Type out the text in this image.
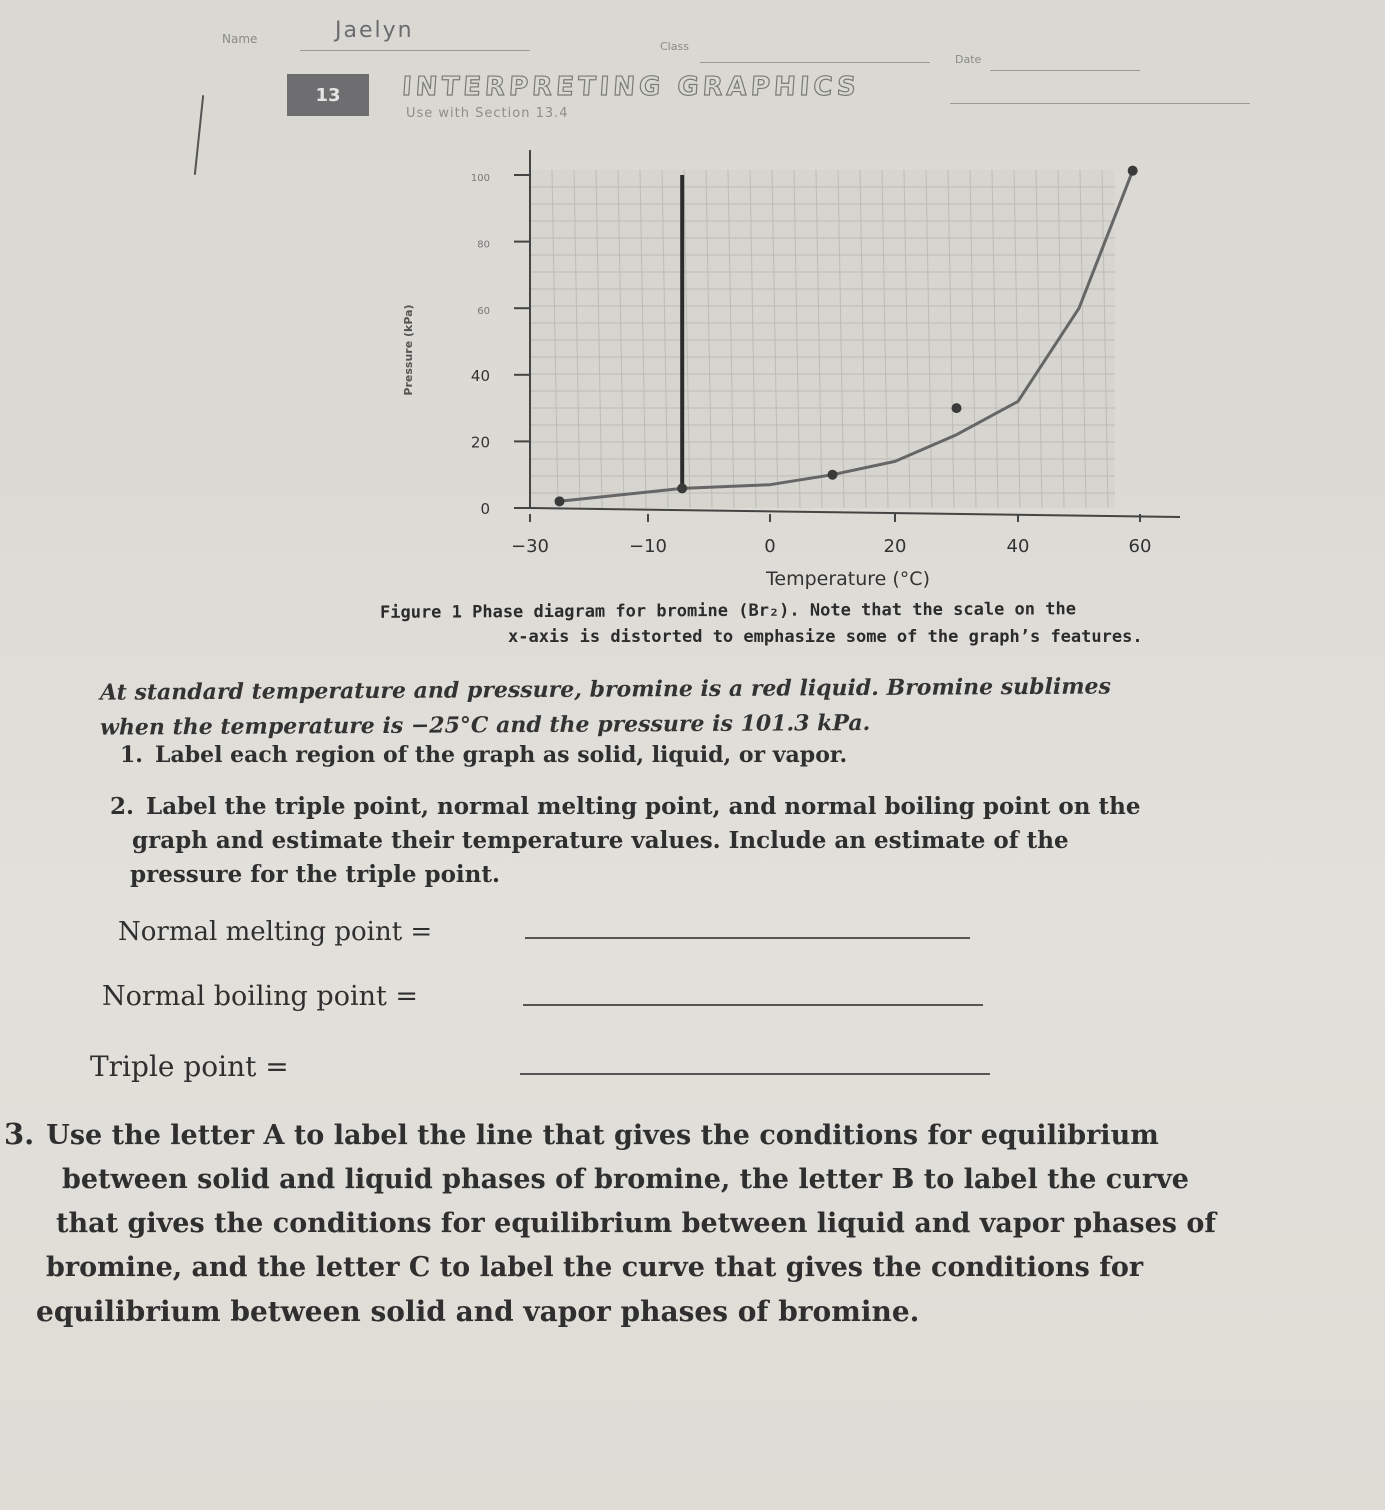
Name	Jaelyn
Class
Date
13	INTERPRETING GRAPHICS
Use with Section 13.4
−30	−10	0	20	40	60
0
20
40
60
80
100
Temperature (°C)
Pressure (kPa)
Figure 1 Phase diagram for bromine (Br₂). Note that the scale on the
x-axis is distorted to emphasize some of the graph’s features.
At standard temperature and pressure, bromine is a red liquid. Bromine sublimes
when the temperature is −25°C and the pressure is 101.3 kPa.
1. Label each region of the graph as solid, liquid, or vapor.
2. Label the triple point, normal melting point, and normal boiling point on the
graph and estimate their temperature values. Include an estimate of the
pressure for the triple point.
Normal melting point =
Normal boiling point =
Triple point =
3. Use the letter A to label the line that gives the conditions for equilibrium
between solid and liquid phases of bromine, the letter B to label the curve
that gives the conditions for equilibrium between liquid and vapor phases of
bromine, and the letter C to label the curve that gives the conditions for
equilibrium between solid and vapor phases of bromine.
